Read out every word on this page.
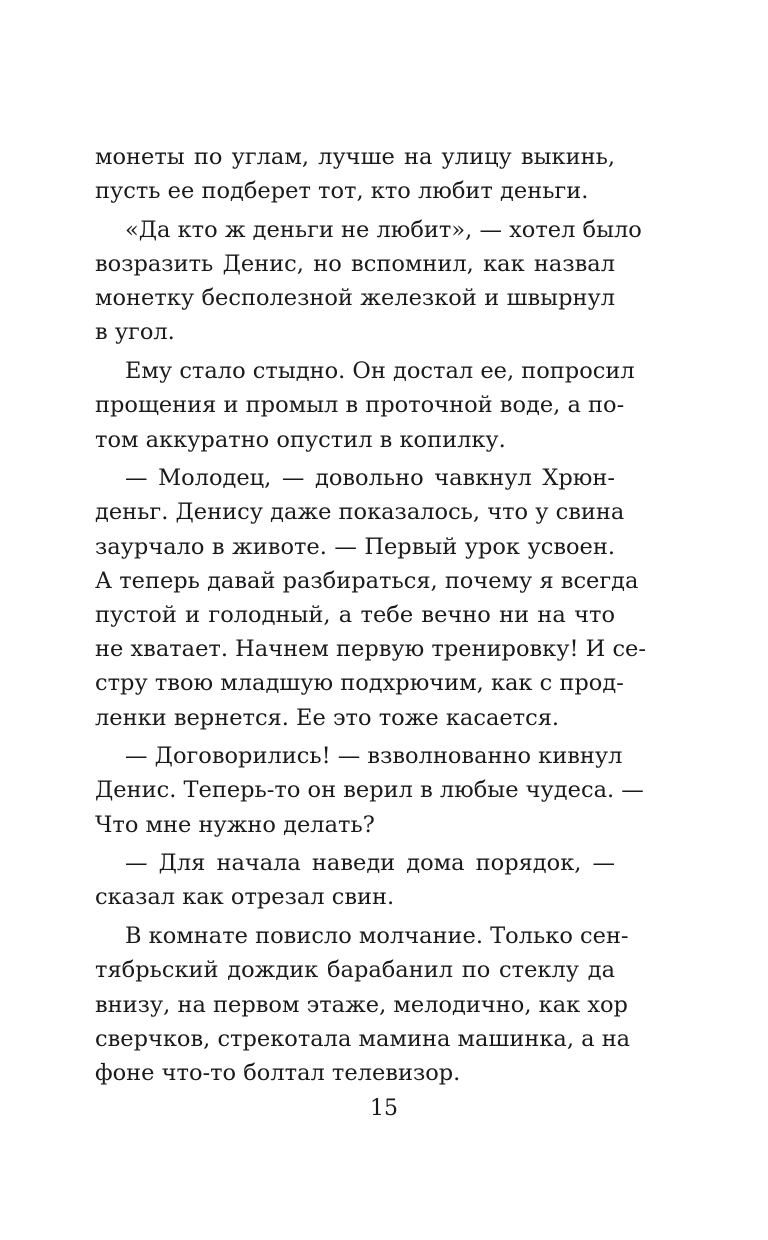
монеты по углам, лучше на улицу выкинь,
пусть ее подберет тот, кто любит деньги.

«Да кто ж деньги не любит», — хотел было
возразить Денис, но вспомнил, как назвал
монетку бесполезной железкой и швырнул
в угол.

Ему стало стыдно. Он достал ее, попросил
прощения и промыл в проточной воде, а по-
том аккуратно опустил в копилку.

— Молодец, — довольно чавкнул Хрюн-
деньг. Денису даже показалось, что у свина
заурчало в животе. — Первый урок усвоен.
А теперь давай разбираться, почему я всегда
пустой и голодный, а тебе вечно ни на что
не хватает. Начнем первую тренировку! И се-
стру твою младшую подхрючим, как с прод-
ленки вернется. Ее это тоже касается.

— Договорились! — взволнованно кивнул
Денис. Теперь-то он верил в любые чудеса. —
Что мне нужно делать?

— Для начала наведи дома порядок, —
сказал как отрезал свин.

В комнате повисло молчание. Только сен-
тябрьский дождик барабанил по стеклу да
внизу, на первом этаже, мелодично, как хор
сверчков, стрекотала мамина машинка, а на
фоне что-то болтал телевизор.

15
